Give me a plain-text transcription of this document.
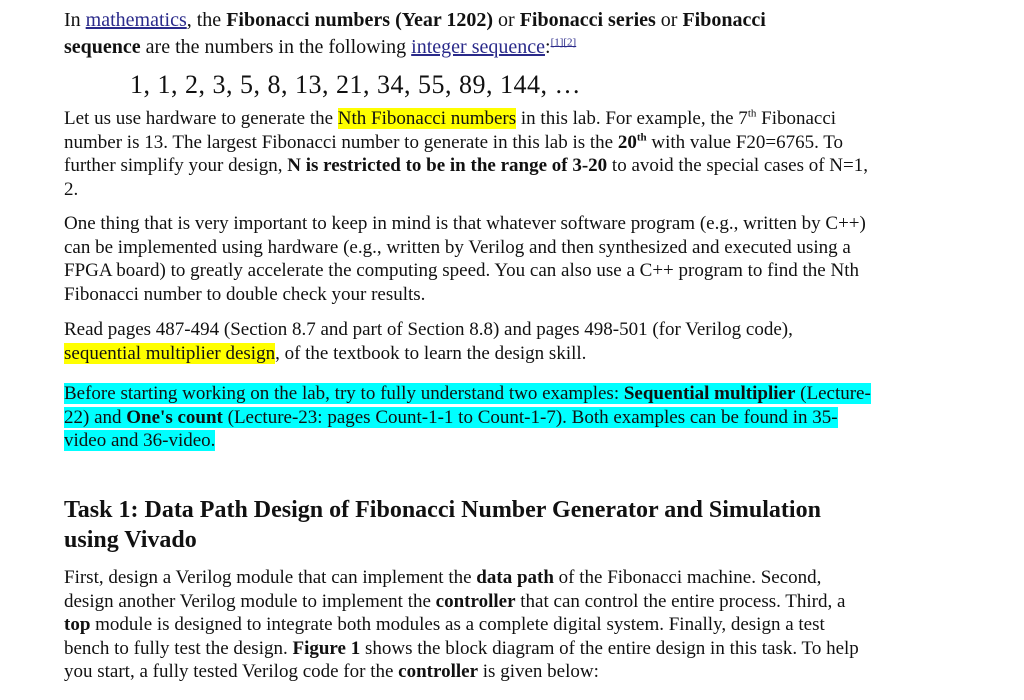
In mathematics, the Fibonacci numbers (Year 1202) or Fibonacci series or Fibonacci
sequence are the numbers in the following integer sequence:[1][2]

1, 1, 2, 3, 5, 8, 13, 21, 34, 55, 89, 144, …

Let us use hardware to generate the Nth Fibonacci numbers in this lab. For example, the 7th Fibonacci
number is 13. The largest Fibonacci number to generate in this lab is the 20th with value F20=6765. To
further simplify your design, N is restricted to be in the range of 3-20 to avoid the special cases of N=1,
2.

One thing that is very important to keep in mind is that whatever software program (e.g., written by C++)
can be implemented using hardware (e.g., written by Verilog and then synthesized and executed using a
FPGA board) to greatly accelerate the computing speed. You can also use a C++ program to find the Nth
Fibonacci number to double check your results.

Read pages 487-494 (Section 8.7 and part of Section 8.8) and pages 498-501 (for Verilog code),
sequential multiplier design, of the textbook to learn the design skill.

Before starting working on the lab, try to fully understand two examples: Sequential multiplier (Lecture-
22) and One's count (Lecture-23: pages Count-1-1 to Count-1-7). Both examples can be found in 35-
video and 36-video.

Task 1: Data Path Design of Fibonacci Number Generator and Simulation
using Vivado

First, design a Verilog module that can implement the data path of the Fibonacci machine. Second,
design another Verilog module to implement the controller that can control the entire process. Third, a
top module is designed to integrate both modules as a complete digital system. Finally, design a test
bench to fully test the design. Figure 1 shows the block diagram of the entire design in this task. To help
you start, a fully tested Verilog code for the controller is given below:
